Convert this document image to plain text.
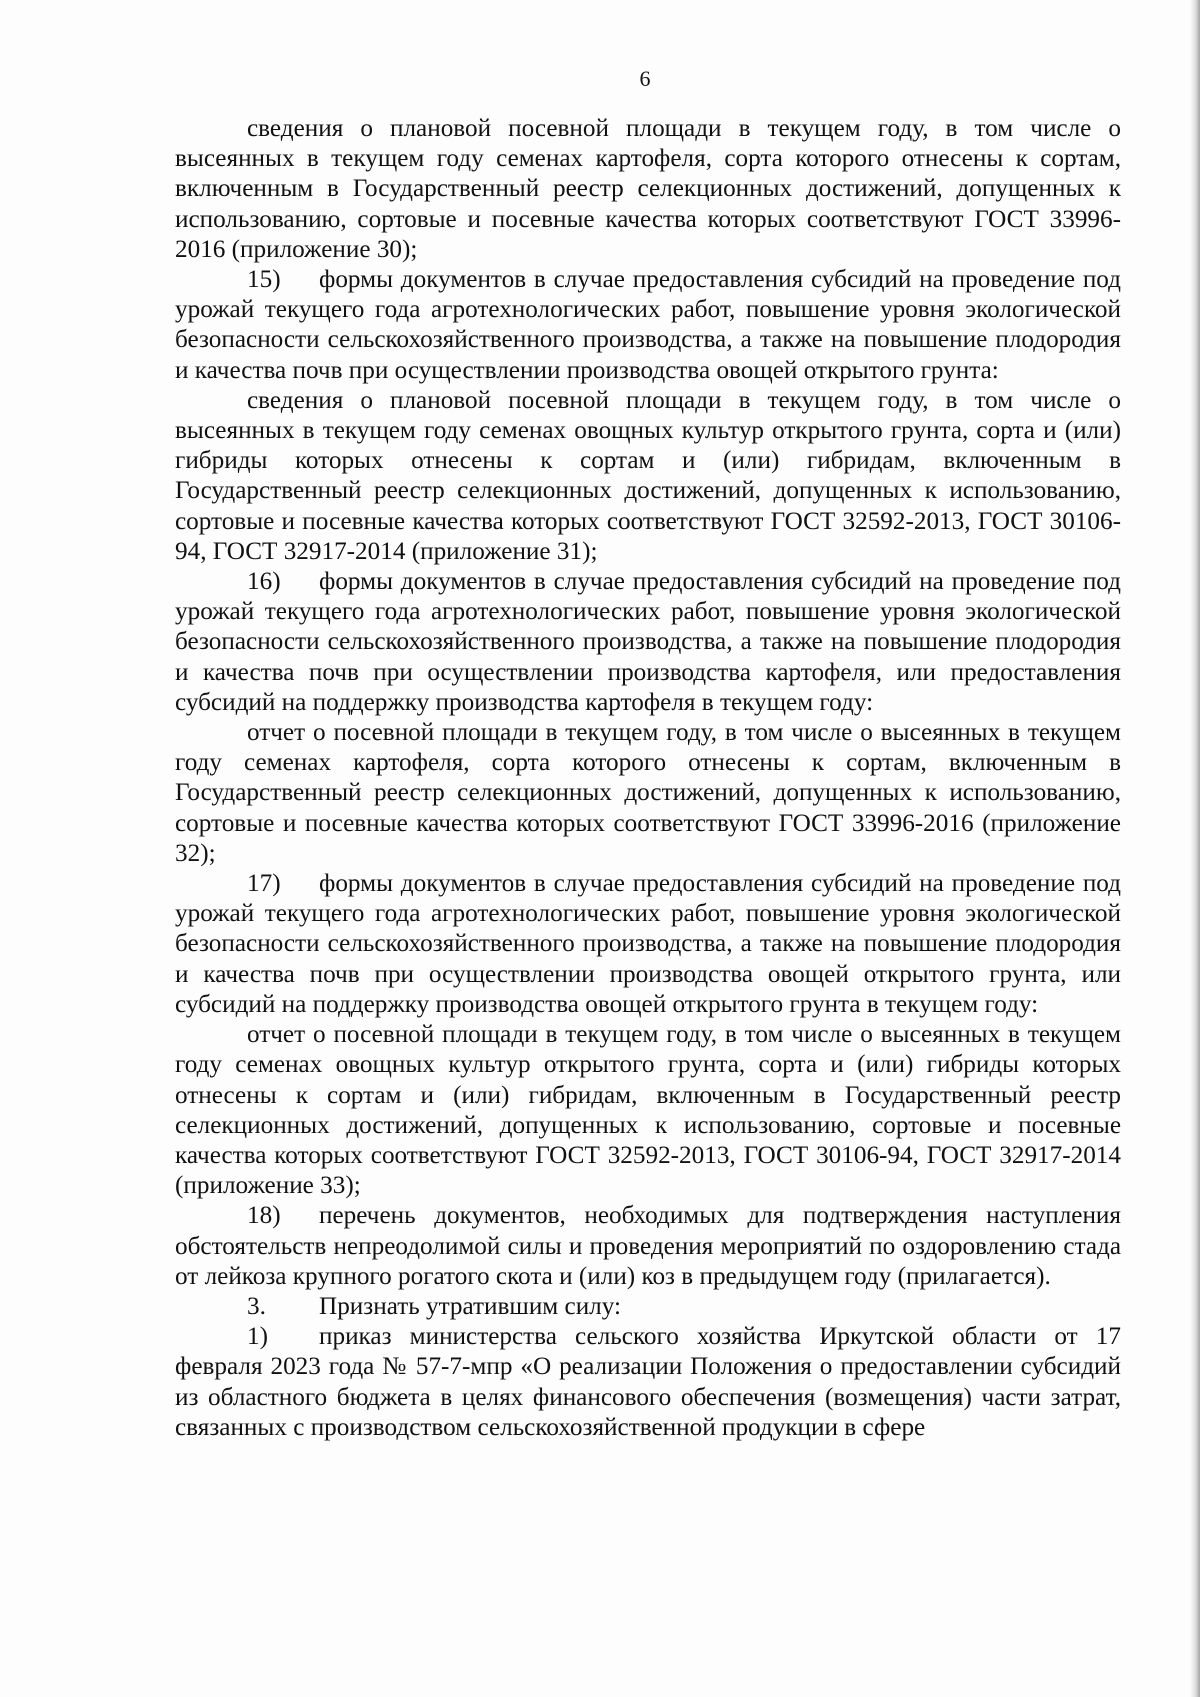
6

сведения о плановой посевной площади в текущем году, в том числе о высеянных в текущем году семенах картофеля, сорта которого отнесены к сортам, включенным в Государственный реестр селекционных достижений, допущенных к использованию, сортовые и посевные качества которых соответствуют ГОСТ 33996-2016 (приложение 30);

15) формы документов в случае предоставления субсидий на проведение под урожай текущего года агротехнологических работ, повышение уровня экологической безопасности сельскохозяйственного производства, а также на повышение плодородия и качества почв при осуществлении производства овощей открытого грунта:

сведения о плановой посевной площади в текущем году, в том числе о высеянных в текущем году семенах овощных культур открытого грунта, сорта и (или) гибриды которых отнесены к сортам и (или) гибридам, включенным в Государственный реестр селекционных достижений, допущенных к использованию, сортовые и посевные качества которых соответствуют ГОСТ 32592-2013, ГОСТ 30106-94, ГОСТ 32917-2014 (приложение 31);

16) формы документов в случае предоставления субсидий на проведение под урожай текущего года агротехнологических работ, повышение уровня экологической безопасности сельскохозяйственного производства, а также на повышение плодородия и качества почв при осуществлении производства картофеля, или предоставления субсидий на поддержку производства картофеля в текущем году:

отчет о посевной площади в текущем году, в том числе о высеянных в текущем году семенах картофеля, сорта которого отнесены к сортам, включенным в Государственный реестр селекционных достижений, допущенных к использованию, сортовые и посевные качества которых соответствуют ГОСТ 33996-2016 (приложение 32);

17) формы документов в случае предоставления субсидий на проведение под урожай текущего года агротехнологических работ, повышение уровня экологической безопасности сельскохозяйственного производства, а также на повышение плодородия и качества почв при осуществлении производства овощей открытого грунта, или субсидий на поддержку производства овощей открытого грунта в текущем году:

отчет о посевной площади в текущем году, в том числе о высеянных в текущем году семенах овощных культур открытого грунта, сорта и (или) гибриды которых отнесены к сортам и (или) гибридам, включенным в Государственный реестр селекционных достижений, допущенных к использованию, сортовые и посевные качества которых соответствуют ГОСТ 32592-2013, ГОСТ 30106-94, ГОСТ 32917-2014 (приложение 33);

18) перечень документов, необходимых для подтверждения наступления обстоятельств непреодолимой силы и проведения мероприятий по оздоровлению стада от лейкоза крупного рогатого скота и (или) коз в предыдущем году (прилагается).

3. Признать утратившим силу:

1) приказ министерства сельского хозяйства Иркутской области от 17 февраля 2023 года № 57-7-мпр «О реализации Положения о предоставлении субсидий из областного бюджета в целях финансового обеспечения (возмещения) части затрат, связанных с производством сельскохозяйственной продукции в сфере
